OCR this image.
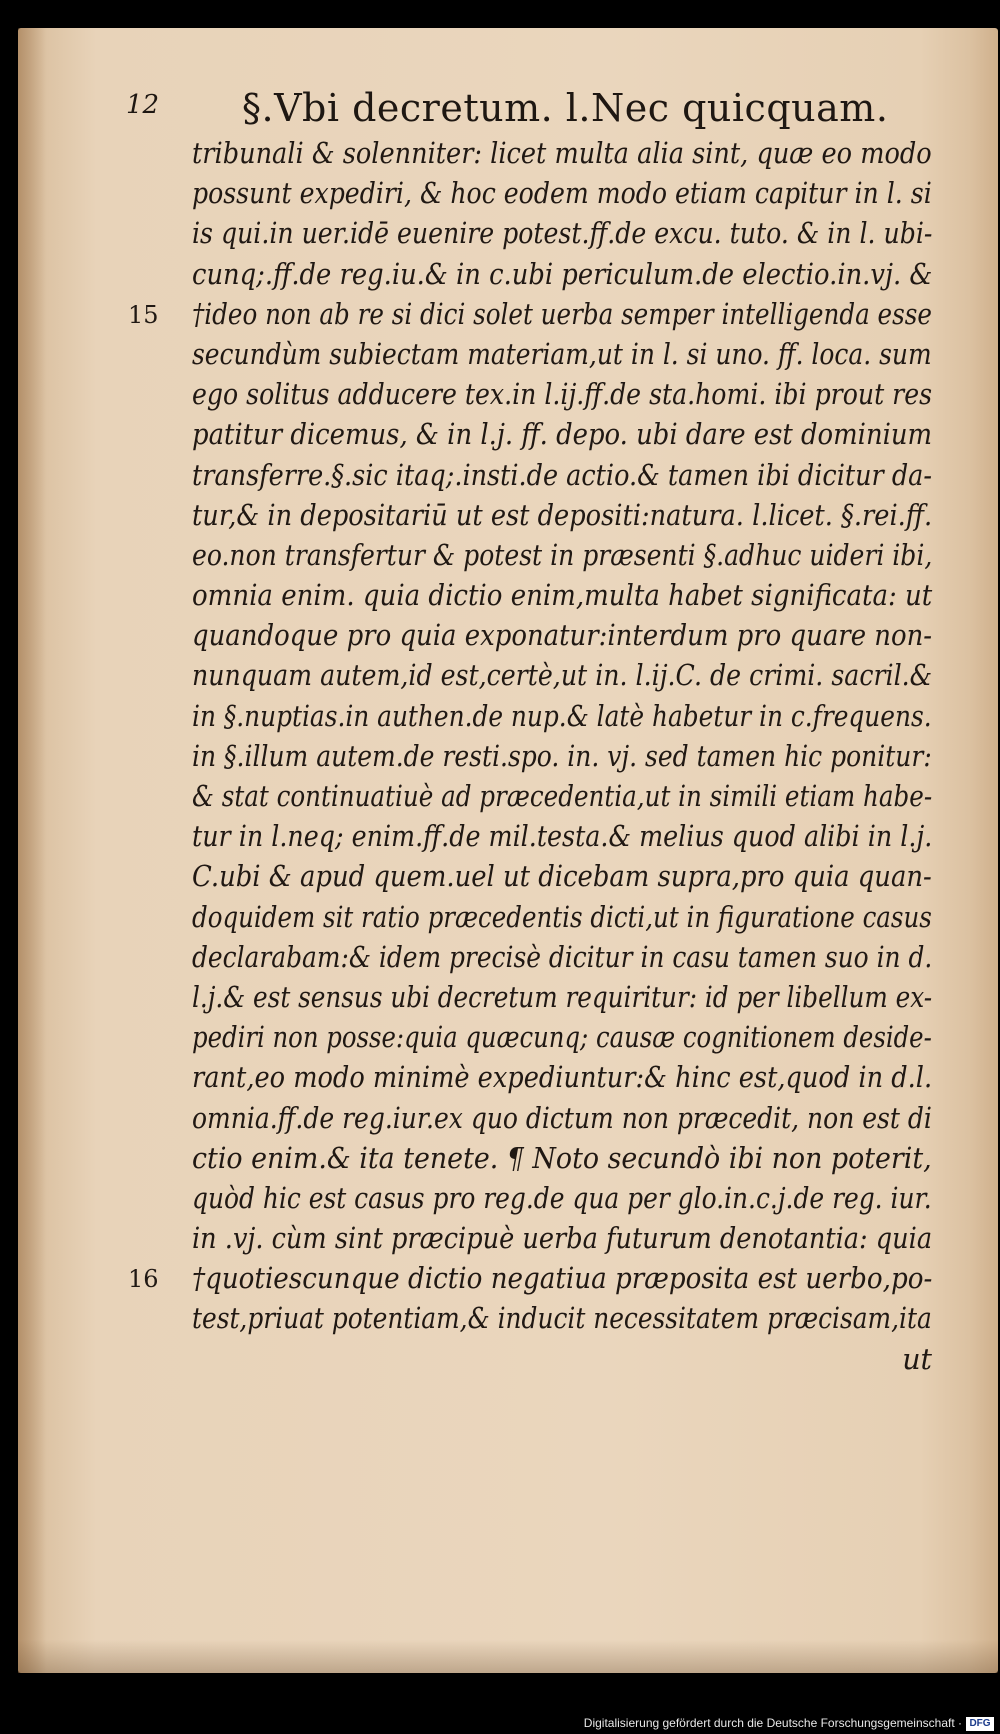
12 §.Vbi decretum. l.Nec quicquam.
tribunali & solenniter: licet multa alia sint, quæ eo modo
possunt expediri, & hoc eodem modo etiam capitur in l. si
is qui.in uer.idē euenire potest.ff.de excu. tuto. & in l. ubi-
cunq;.ff.de reg.iu.& in c.ubi periculum.de electio.in.vj. &
15 †ideo non ab re si dici solet uerba semper intelligenda esse
secundùm subiectam materiam,ut in l. si uno. ff. loca. sum
ego solitus adducere tex.in l.ij.ff.de sta.homi. ibi prout res
patitur dicemus, & in l.j. ff. depo. ubi dare est dominium
transferre.§.sic itaq;.insti.de actio.& tamen ibi dicitur da-
tur,& in depositariū ut est depositi:natura. l.licet. §.rei.ff.
eo.non transfertur & potest in præsenti §.adhuc uideri ibi,
omnia enim. quia dictio enim,multa habet significata: ut
quandoque pro quia exponatur:interdum pro quare non-
nunquam autem,id est,certè,ut in. l.ij.C. de crimi. sacril.&
in §.nuptias.in authen.de nup.& latè habetur in c.frequens.
in §.illum autem.de resti.spo. in. vj. sed tamen hic ponitur:
& stat continuatiuè ad præcedentia,ut in simili etiam habe-
tur in l.neq; enim.ff.de mil.testa.& melius quod alibi in l.j.
C.ubi & apud quem.uel ut dicebam supra,pro quia quan-
doquidem sit ratio præcedentis dicti,ut in figuratione casus
declarabam:& idem precisè dicitur in casu tamen suo in d.
l.j.& est sensus ubi decretum requiritur: id per libellum ex-
pediri non posse:quia quæcunq; causæ cognitionem deside-
rant,eo modo minimè expediuntur:& hinc est,quod in d.l.
omnia.ff.de reg.iur.ex quo dictum non præcedit, non est di
ctio enim.& ita tenete. ¶ Noto secundò ibi non poterit,
quòd hic est casus pro reg.de qua per glo.in.c.j.de reg. iur.
in .vj. cùm sint præcipuè uerba futurum denotantia: quia
16 †quotiescunque dictio negatiua præposita est uerbo,po-
test,priuat potentiam,& inducit necessitatem præcisam,ita
ut
Digitalisierung gefördert durch die Deutsche Forschungsgemeinschaft · DFG
